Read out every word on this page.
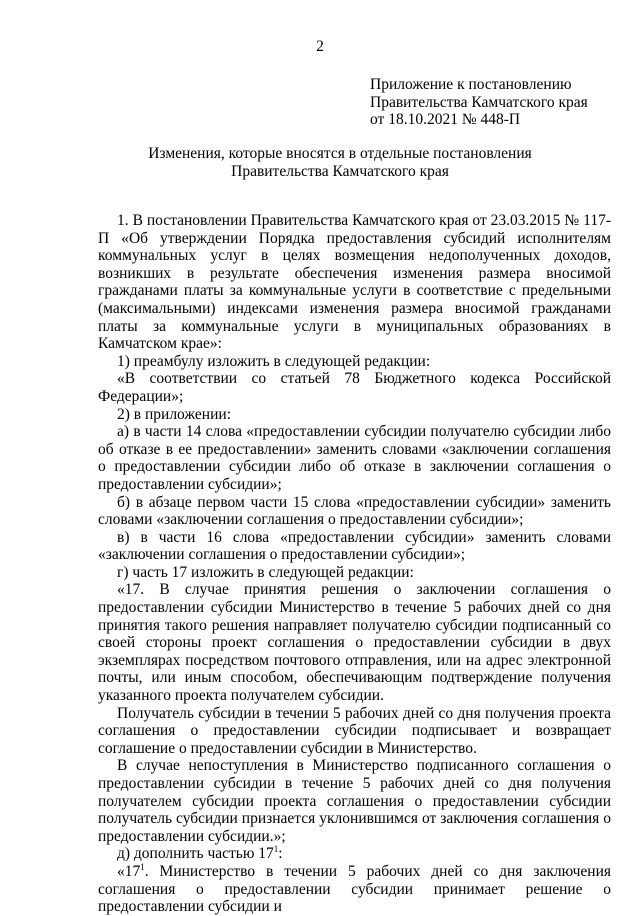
2
Приложение к постановлению
Правительства Камчатского края
от 18.10.2021 № 448-П
Изменения, которые вносятся в отдельные постановления
Правительства Камчатского края

1. В постановлении Правительства Камчатского края от 23.03.2015 № 117-П «Об утверждении Порядка предоставления субсидий исполнителям коммунальных услуг в целях возмещения недополученных доходов, возникших в результате обеспечения изменения размера вносимой гражданами платы за коммунальные услуги в соответствие с предельными (максимальными) индексами изменения размера вносимой гражданами платы за коммунальные услуги в муниципальных образованиях в Камчатском крае»:

1) преамбулу изложить в следующей редакции:

«В соответствии со статьей 78 Бюджетного кодекса Российской Федерации»;

2) в приложении:

а) в части 14 слова «предоставлении субсидии получателю субсидии либо об отказе в ее предоставлении» заменить словами «заключении соглашения о предоставлении субсидии либо об отказе в заключении соглашения о предоставлении субсидии»;

б) в абзаце первом части 15 слова «предоставлении субсидии» заменить словами «заключении соглашения о предоставлении субсидии»;

в) в части 16 слова «предоставлении субсидии» заменить словами «заключении соглашения о предоставлении субсидии»;

г) часть 17 изложить в следующей редакции:

«17. В случае принятия решения о заключении соглашения о предоставлении субсидии Министерство в течение 5 рабочих дней со дня принятия такого решения направляет получателю субсидии подписанный со своей стороны проект соглашения о предоставлении субсидии в двух экземплярах посредством почтового отправления, или на адрес электронной почты, или иным способом, обеспечивающим подтверждение получения указанного проекта получателем субсидии.

Получатель субсидии в течении 5 рабочих дней со дня получения проекта соглашения о предоставлении субсидии подписывает и возвращает соглашение о предоставлении субсидии в Министерство.

В случае непоступления в Министерство подписанного соглашения о предоставлении субсидии в течение 5 рабочих дней со дня получения получателем субсидии проекта соглашения о предоставлении субсидии получатель субсидии признается уклонившимся от заключения соглашения о предоставлении субсидии.»;

д) дополнить частью $17^1$:

«$17^1$. Министерство в течении 5 рабочих дней со дня заключения соглашения о предоставлении субсидии принимает решение о предоставлении субсидии и
